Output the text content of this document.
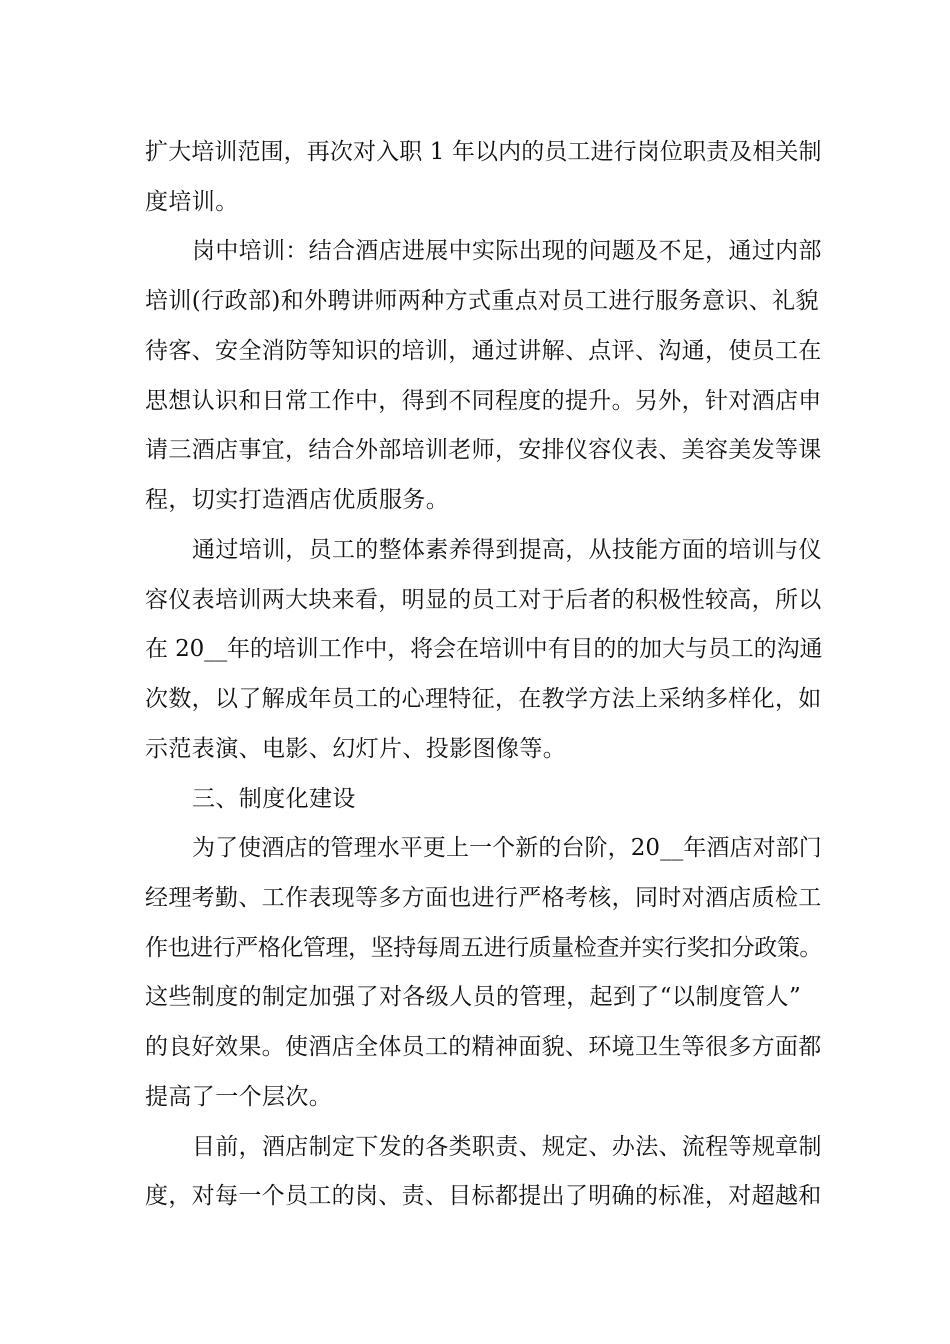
扩大培训范围，再次对入职 1 年以内的员工进行岗位职责及相关制
度培训。
岗中培训：结合酒店进展中实际出现的问题及不足，通过内部
培训(行政部)和外聘讲师两种方式重点对员工进行服务意识、礼貌
待客、安全消防等知识的培训，通过讲解、点评、沟通，使员工在
思想认识和日常工作中，得到不同程度的提升。另外，针对酒店申
请三酒店事宜，结合外部培训老师，安排仪容仪表、美容美发等课
程，切实打造酒店优质服务。
通过培训，员工的整体素养得到提高，从技能方面的培训与仪
容仪表培训两大块来看，明显的员工对于后者的积极性较高，所以
在 20__年的培训工作中，将会在培训中有目的的加大与员工的沟通
次数，以了解成年员工的心理特征，在教学方法上采纳多样化，如
示范表演、电影、幻灯片、投影图像等。
三、制度化建设
为了使酒店的管理水平更上一个新的台阶，20__年酒店对部门
经理考勤、工作表现等多方面也进行严格考核，同时对酒店质检工
作也进行严格化管理，坚持每周五进行质量检查并实行奖扣分政策。
这些制度的制定加强了对各级人员的管理，起到了“以制度管人”
的良好效果。使酒店全体员工的精神面貌、环境卫生等很多方面都
提高了一个层次。
目前，酒店制定下发的各类职责、规定、办法、流程等规章制
度，对每一个员工的岗、责、目标都提出了明确的标准，对超越和
